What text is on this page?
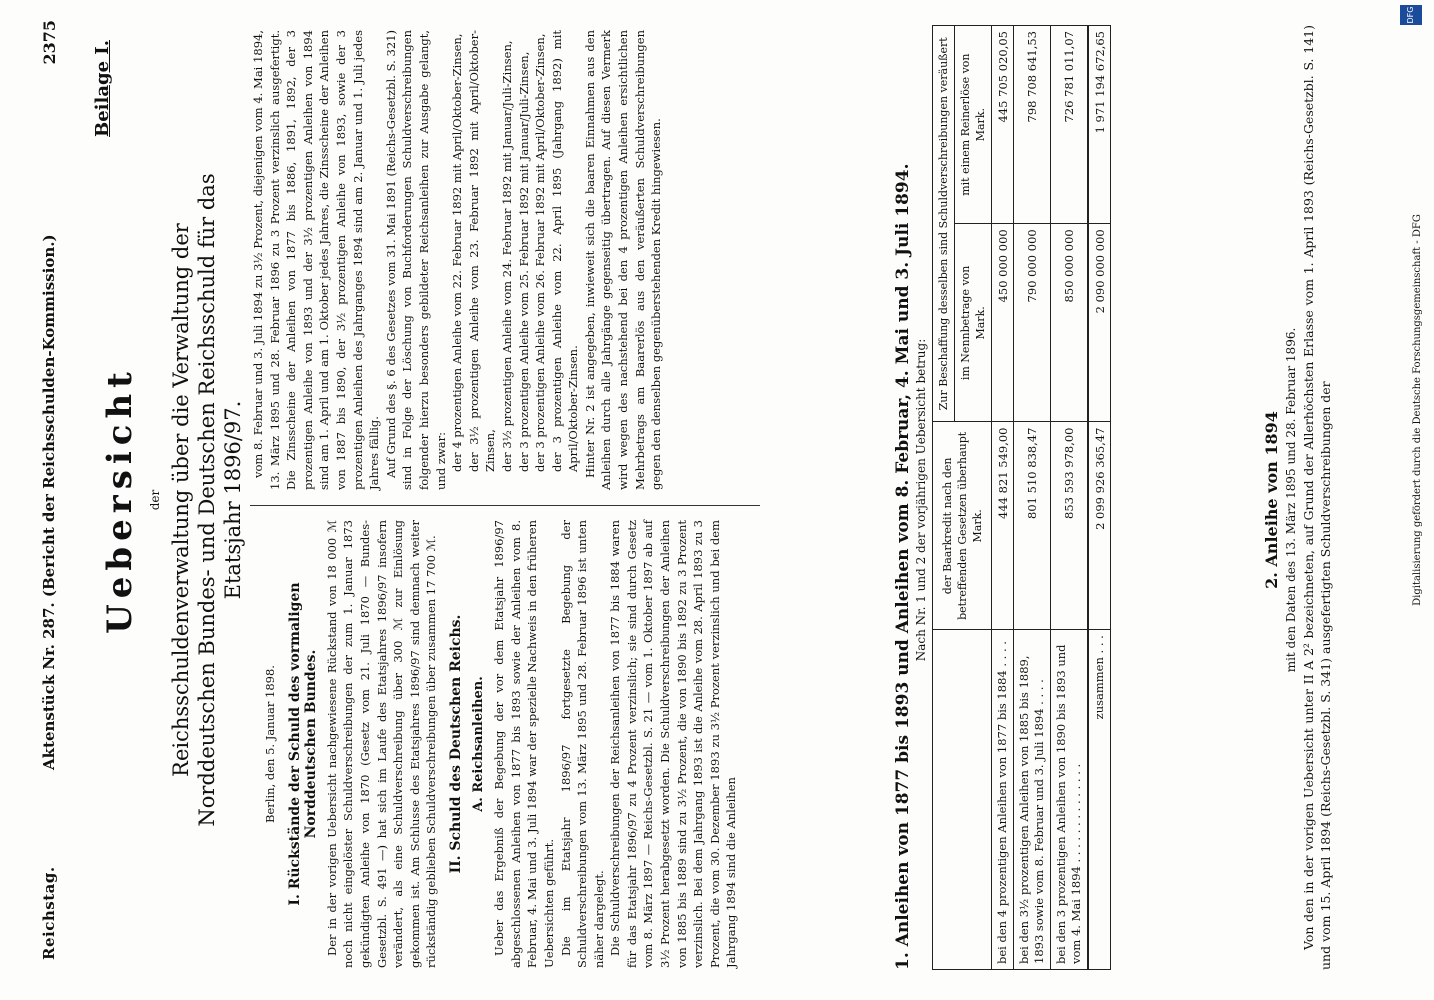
Reichstag.
Aktenstück Nr. 287. (Bericht der Reichsschulden-Kommission.)
2375 Beilage I.
Uebersicht der Reichsschuldenverwaltung über die Verwaltung der Norddeutschen Bundes- und Deutschen Reichsschuld für das Etatsjahr 1896/97.

Berlin, den 5. Januar 1898. I. Rückstände der Schuld des vormaligen Norddeutschen Bundes. Der in der vorigen Uebersicht nachgewiesene Rückstand von 18 000 ℳ noch nicht eingelöster Schuldverschreibungen der zum 1. Januar 1873 gekündigten Anleihe von 1870 (Gesetz vom 21. Juli 1870 — Bundes-Gesetzbl. S. 491 —) hat sich im Laufe des Etatsjahres 1896/97 insofern verändert, als eine Schuldverschreibung über 300 ℳ zur Einlösung gekommen ist. Am Schlusse des Etatsjahres 1896/97 sind demnach weiter rückständig geblieben Schuldverschreibungen über zusammen 17 700 ℳ. II. Schuld des Deutschen Reichs. A. Reichsanleihen. Ueber das Ergebniß der Begebung der vor dem Etatsjahr 1896/97 abgeschlossenen Anleihen von 1877 bis 1893 sowie der Anleihen vom 8. Februar, 4. Mai und 3. Juli 1894 war der spezielle Nachweis in den früheren Uebersichten geführt. Die im Etatsjahr 1896/97 fortgesetzte Begebung der Schuldverschreibungen vom 13. März 1895 und 28. Februar 1896 ist unten näher dargelegt. Die Schuldverschreibungen der Reichsanleihen von 1877 bis 1884 waren für das Etatsjahr 1896/97 zu 4 Prozent verzinslich; sie sind durch Gesetz vom 8. März 1897 — Reichs-Gesetzbl. S. 21 — vom 1. Oktober 1897 ab auf 3½ Prozent herabgesetzt worden. Die Schuldverschreibungen der Anleihen von 1885 bis 1889 sind zu 3½ Prozent, die von 1890 bis 1892 zu 3 Prozent verzinslich. Bei dem Jahrgang 1893 ist die Anleihe vom 28. April 1893 zu 3 Prozent, die vom 30. Dezember 1893 zu 3½ Prozent verzinslich und bei dem Jahrgang 1894 sind die Anleihen

vom 8. Februar und 3. Juli 1894 zu 3½ Prozent, diejenigen vom 4. Mai 1894, 13. März 1895 und 28. Februar 1896 zu 3 Prozent verzinslich ausgefertigt. Die Zinsscheine der Anleihen von 1877 bis 1886, 1891, 1892, der 3 prozentigen Anleihe von 1893 und der 3½ prozentigen Anleihen von 1894 sind am 1. April und am 1. Oktober jedes Jahres, die Zinsscheine der Anleihen von 1887 bis 1890, der 3½ prozentigen Anleihe von 1893, sowie der 3 prozentigen Anleihen des Jahrganges 1894 sind am 2. Januar und 1. Juli jedes Jahres fällig. Auf Grund des §. 6 des Gesetzes vom 31. Mai 1891 (Reichs-Gesetzbl. S. 321) sind in Folge der Löschung von Buchforderungen Schuldverschreibungen folgender hierzu besonders gebildeter Reichsanleihen zur Ausgabe gelangt, und zwar: der 4 prozentigen Anleihe vom 22. Februar 1892 mit April/Oktober-Zinsen, der 3½ prozentigen Anleihe vom 23. Februar 1892 mit April/Oktober-Zinsen, der 3½ prozentigen Anleihe vom 24. Februar 1892 mit Januar/Juli-Zinsen, der 3 prozentigen Anleihe vom 25. Februar 1892 mit Januar/Juli-Zinsen, der 3 prozentigen Anleihe vom 26. Februar 1892 mit April/Oktober-Zinsen, der 3 prozentigen Anleihe vom 22. April 1895 (Jahrgang 1892) mit April/Oktober-Zinsen. Hinter Nr. 2 ist angegeben, inwieweit sich die baaren Einnahmen aus den Anleihen durch alle Jahrgänge gegenseitig übertragen. Auf diesen Vermerk wird wegen des nachstehend bei den 4 prozentigen Anleihen ersichtlichen Mehrbetrags am Baarerlös aus den veräußerten Schuldverschreibungen gegen den denselben gegenüberstehenden Kredit hingewiesen.	1. Anleihen von 1877 bis 1893 und Anleihen vom 8. Februar, 4. Mai und 3. Juli 1894. Nach Nr. 1 und 2 der vorjährigen Uebersicht betrug:
	der Baarkredit nach den betreffenden Gesetzen überhaupt Mark.	Zur Beschaffung desselben sind Schuldverschreibungen veräußert	
		im Nennbetrage von Mark.	mit einem Reinerlöse von Mark.
bei den 4 prozentigen Anleihen von 1877 bis 1884 . . . .	444 821 549,00	450 000 000	445 705 020,05
bei den 3½ prozentigen Anleihen von 1885 bis 1889, 1893 sowie vom 8. Februar und 3. Juli 1894 . . . .	801 510 838,47	790 000 000	798 708 641,53
bei den 3 prozentigen Anleihen von 1890 bis 1893 und vom 4. Mai 1894 . . . . . . . . . . . . . .	853 593 978,00	850 000 000	726 781 011,07
zusammen . . .	2 099 926 365,47	2 090 000 000	1 971 194 672,65
2. Anleihe von 1894 mit den Daten des 13. März 1895 und 28. Februar 1896. Von den in der vorigen Uebersicht unter II A 2² bezeichneten, auf Grund der Allerhöchsten Erlasse vom 1. April 1893 (Reichs-Gesetzbl. S. 141) und vom 15. April 1894 (Reichs-Gesetzbl. S. 341) ausgefertigten Schuldverschreibungen der	Digitalisierung gefördert durch die Deutsche Forschungsgemeinschaft - DFG
DFG
